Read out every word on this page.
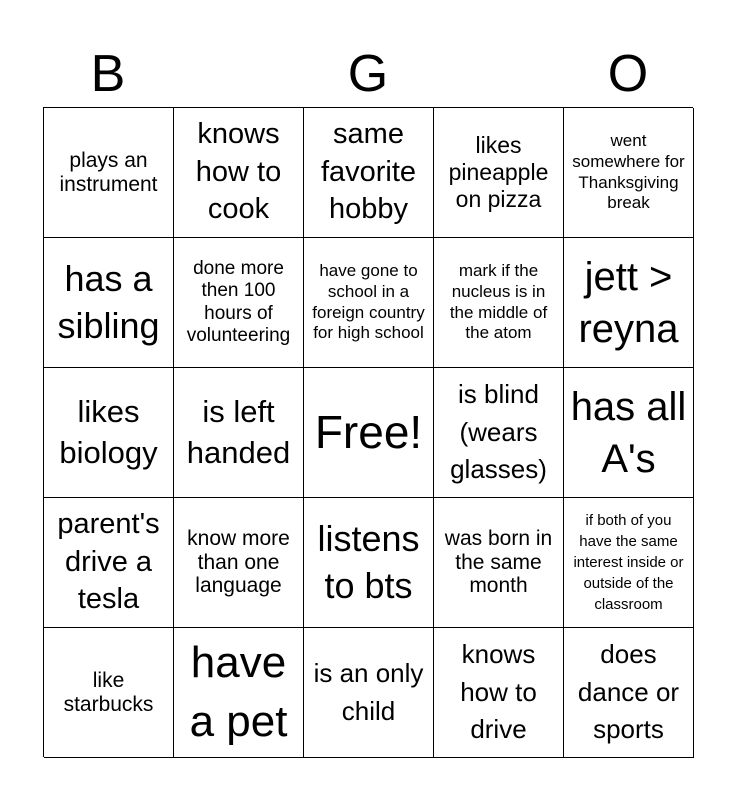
B	G	O
plays an instrument
knows how to cook
same favorite hobby
likes pineapple on pizza
went somewhere for Thanksgiving break
has a sibling
done more then 100 hours of volunteering
have gone to school in a foreign country for high school
mark if the nucleus is in the middle of the atom
jett > reyna
likes biology
is left handed Free!
is blind (wears glasses)
has all A's
parent's drive a tesla
know more than one language
listens to bts
was born in the same month
if both of you have the same interest inside or outside of the classroom
like starbucks
have a pet
is an only child
knows how to drive
does dance or sports
